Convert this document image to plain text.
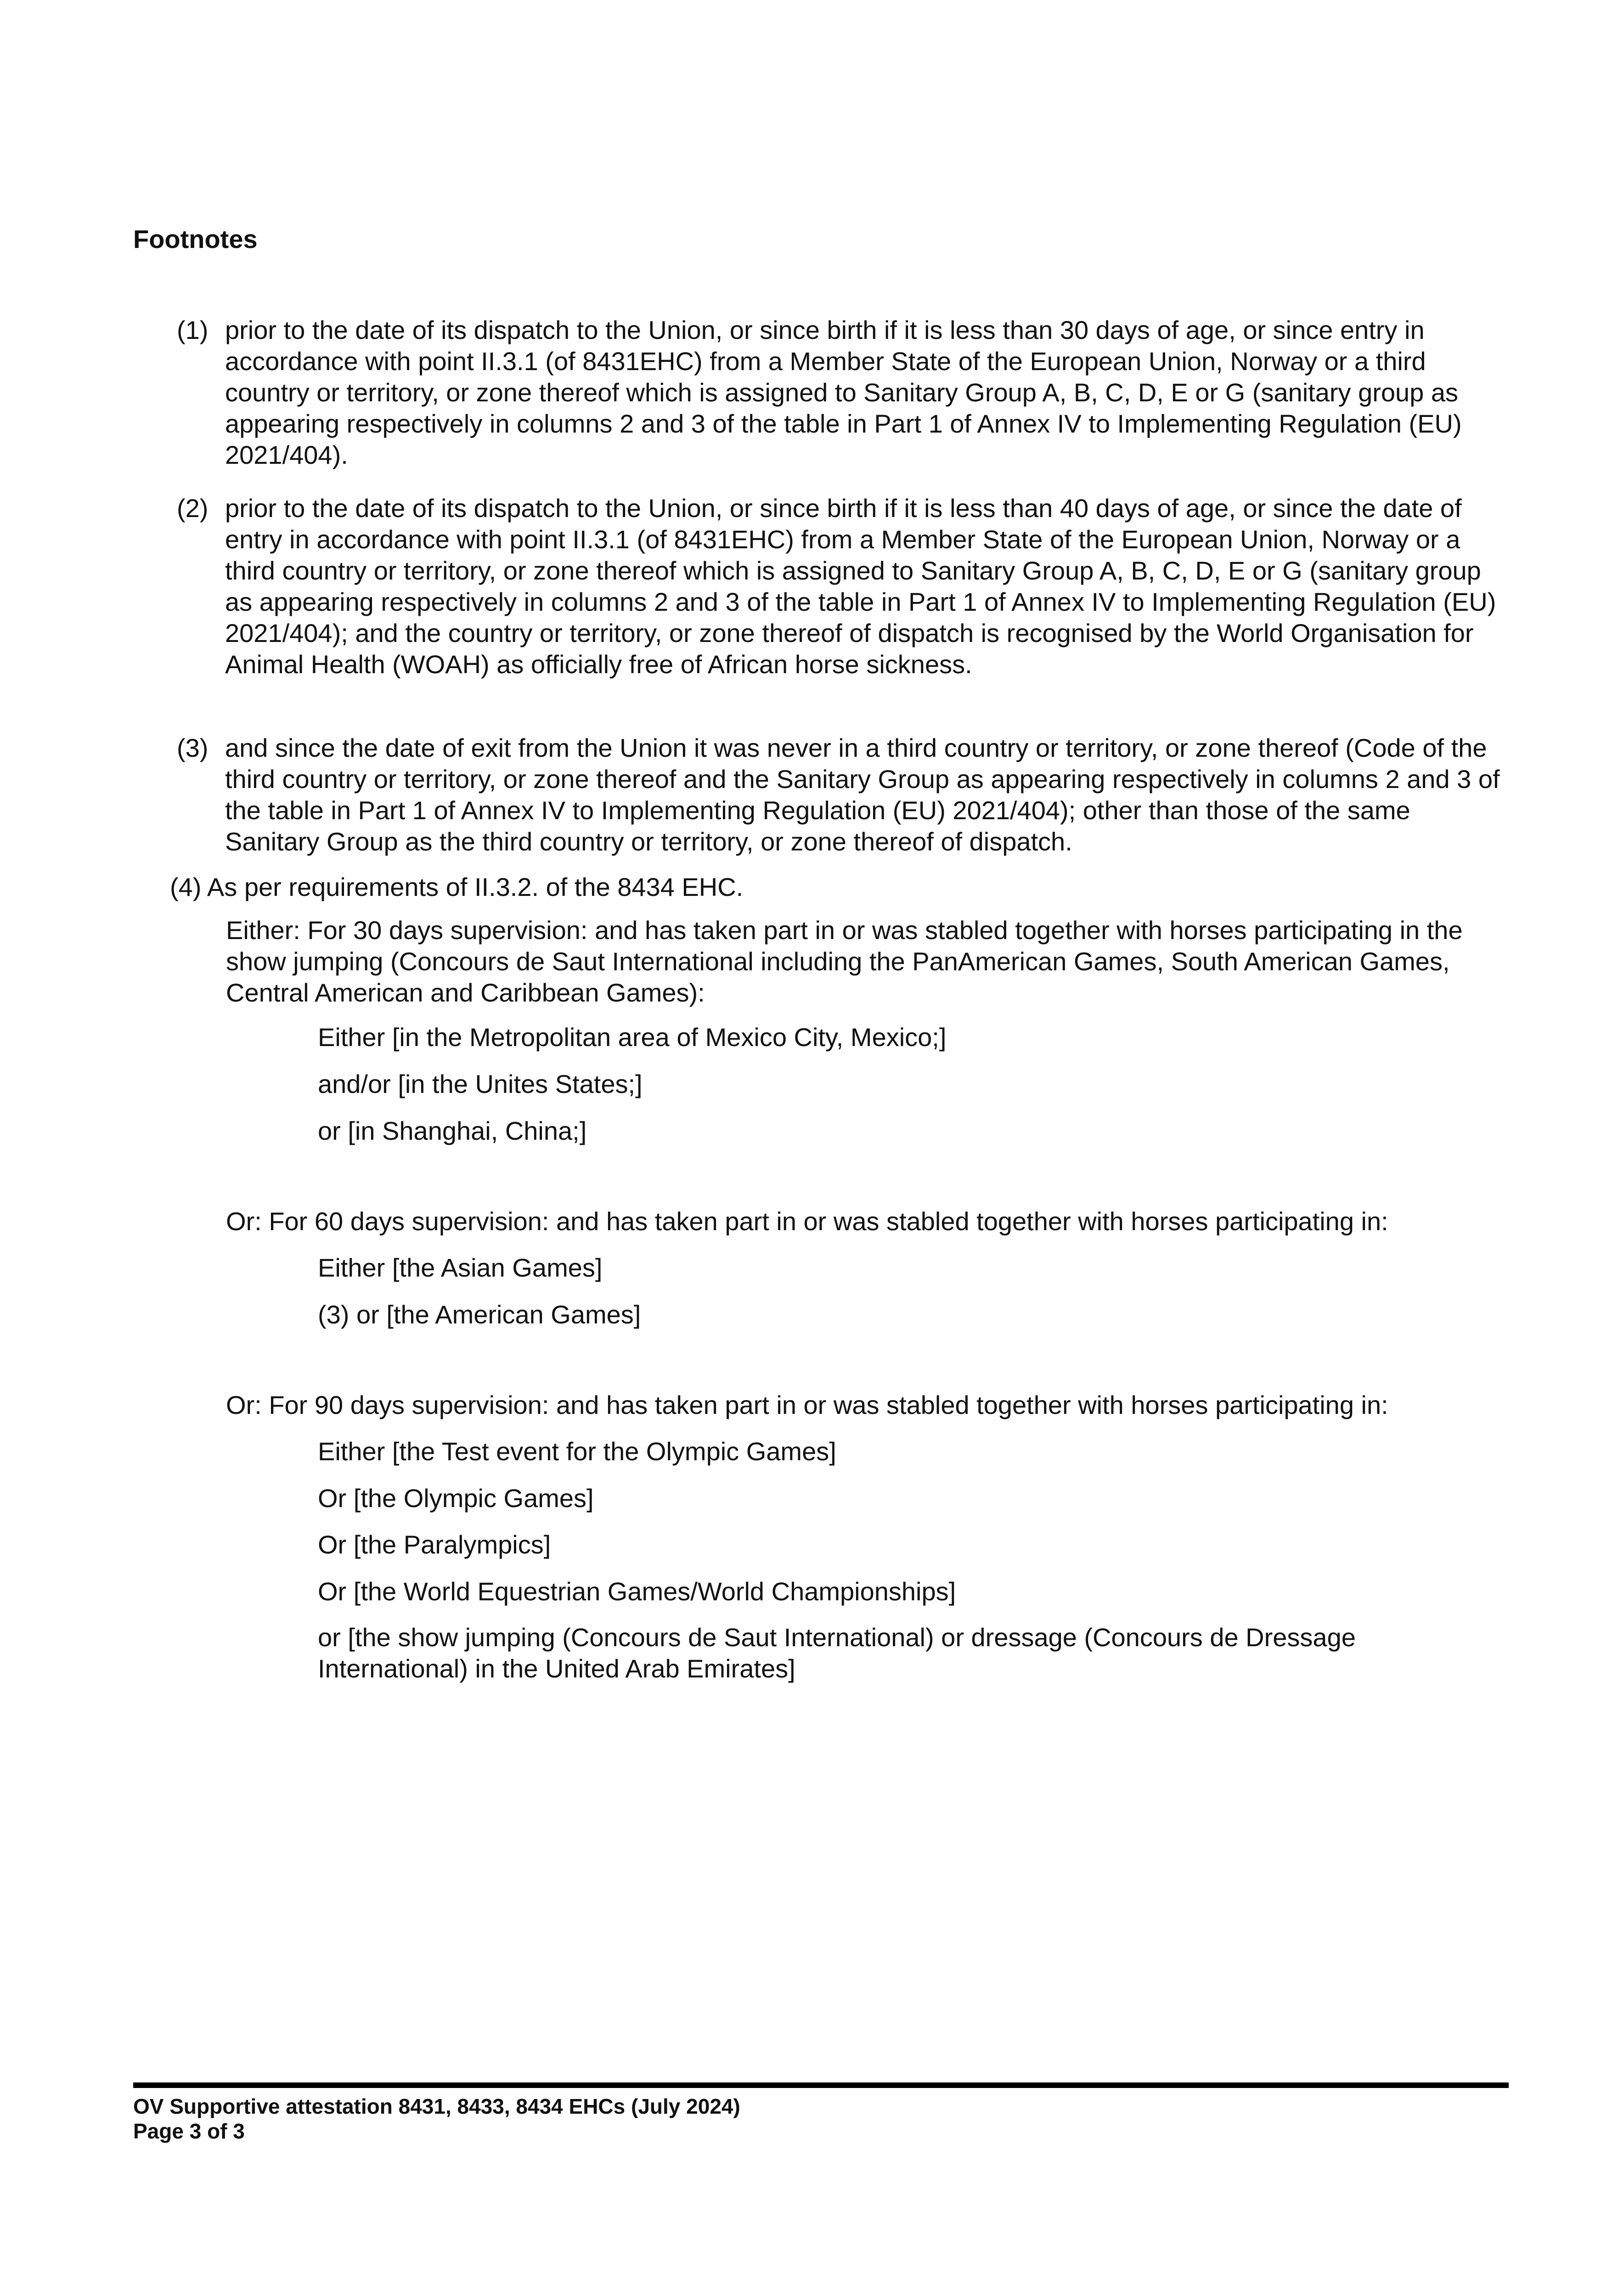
Footnotes
(1) prior to the date of its dispatch to the Union, or since birth if it is less than 30 days of age, or since entry in accordance with point II.3.1 (of 8431EHC) from a Member State of the European Union, Norway or a third country or territory, or zone thereof which is assigned to Sanitary Group A, B, C, D, E or G (sanitary group as appearing respectively in columns 2 and 3 of the table in Part 1 of Annex IV to Implementing Regulation (EU) 2021/404).
(2) prior to the date of its dispatch to the Union, or since birth if it is less than 40 days of age, or since the date of entry in accordance with point II.3.1 (of 8431EHC) from a Member State of the European Union, Norway or a third country or territory, or zone thereof which is assigned to Sanitary Group A, B, C, D, E or G (sanitary group as appearing respectively in columns 2 and 3 of the table in Part 1 of Annex IV to Implementing Regulation (EU) 2021/404); and the country or territory, or zone thereof of dispatch is recognised by the World Organisation for Animal Health (WOAH) as officially free of African horse sickness.
(3) and since the date of exit from the Union it was never in a third country or territory, or zone thereof (Code of the third country or territory, or zone thereof and the Sanitary Group as appearing respectively in columns 2 and 3 of the table in Part 1 of Annex IV to Implementing Regulation (EU) 2021/404); other than those of the same Sanitary Group as the third country or territory, or zone thereof of dispatch.

(4) As per requirements of II.3.2. of the 8434 EHC.

Either: For 30 days supervision: and has taken part in or was stabled together with horses participating in the show jumping (Concours de Saut International including the PanAmerican Games, South American Games, Central American and Caribbean Games):

Either [in the Metropolitan area of Mexico City, Mexico;]

and/or [in the Unites States;]

or [in Shanghai, China;]

Or: For 60 days supervision: and has taken part in or was stabled together with horses participating in:

Either [the Asian Games]

(3) or [the American Games]

Or: For 90 days supervision: and has taken part in or was stabled together with horses participating in:

Either [the Test event for the Olympic Games]

Or [the Olympic Games]

Or [the Paralympics]

Or [the World Equestrian Games/World Championships]

or [the show jumping (Concours de Saut International) or dressage (Concours de Dressage International) in the United Arab Emirates]

OV Supportive attestation 8431, 8433, 8434 EHCs (July 2024)
Page 3 of 3
